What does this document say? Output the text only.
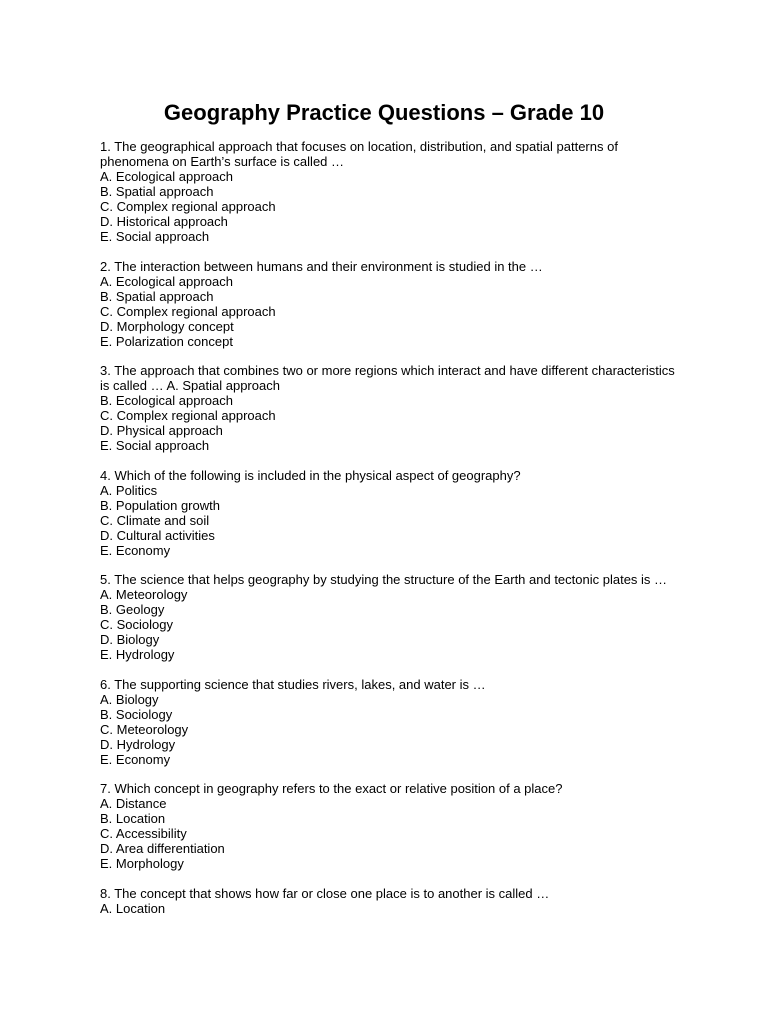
Geography Practice Questions – Grade 10
1. The geographical approach that focuses on location, distribution, and spatial patterns of phenomena on Earth’s surface is called …
A. Ecological approach
B. Spatial approach
C. Complex regional approach
D. Historical approach
E. Social approach
2. The interaction between humans and their environment is studied in the …
A. Ecological approach
B. Spatial approach
C. Complex regional approach
D. Morphology concept
E. Polarization concept
3. The approach that combines two or more regions which interact and have different characteristics is called … A. Spatial approach
B. Ecological approach
C. Complex regional approach
D. Physical approach
E. Social approach
4. Which of the following is included in the physical aspect of geography?
A. Politics
B. Population growth
C. Climate and soil
D. Cultural activities
E. Economy
5. The science that helps geography by studying the structure of the Earth and tectonic plates is …
A. Meteorology
B. Geology
C. Sociology
D. Biology
E. Hydrology
6. The supporting science that studies rivers, lakes, and water is …
A. Biology
B. Sociology
C. Meteorology
D. Hydrology
E. Economy
7. Which concept in geography refers to the exact or relative position of a place?
A. Distance
B. Location
C. Accessibility
D. Area differentiation
E. Morphology
8. The concept that shows how far or close one place is to another is called …
A. Location
